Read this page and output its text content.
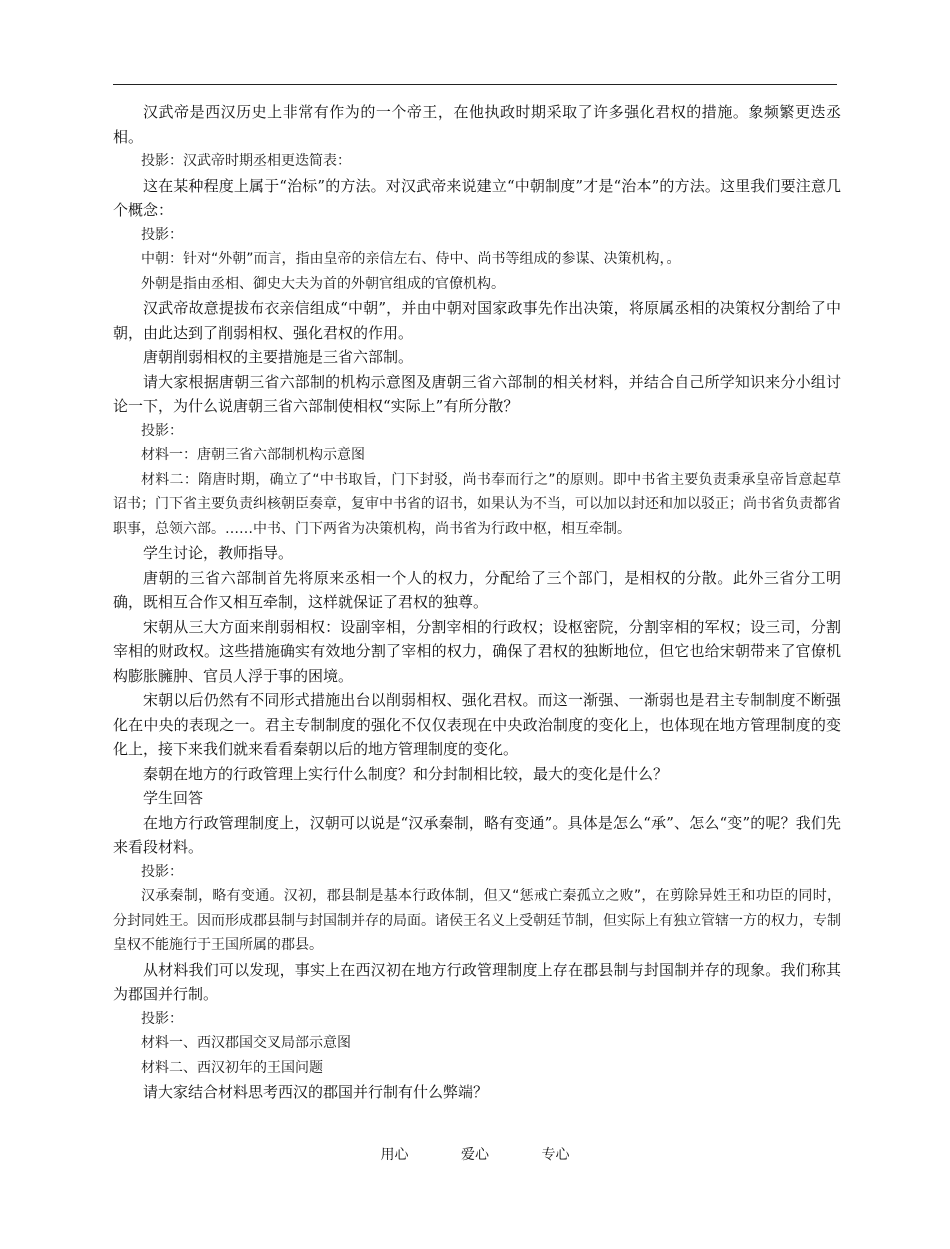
汉武帝是西汉历史上非常有作为的一个帝王，在他执政时期采取了许多强化君权的措施。象频繁更迭丞相。

投影：汉武帝时期丞相更迭简表：

这在某种程度上属于“治标”的方法。对汉武帝来说建立“中朝制度”才是“治本”的方法。这里我们要注意几个概念：

投影：

中朝：针对“外朝”而言，指由皇帝的亲信左右、侍中、尚书等组成的参谋、决策机构，。

外朝是指由丞相、御史大夫为首的外朝官组成的官僚机构。

汉武帝故意提拔布衣亲信组成“中朝”，并由中朝对国家政事先作出决策，将原属丞相的决策权分割给了中朝，由此达到了削弱相权、强化君权的作用。

唐朝削弱相权的主要措施是三省六部制。

请大家根据唐朝三省六部制的机构示意图及唐朝三省六部制的相关材料，并结合自己所学知识来分小组讨论一下，为什么说唐朝三省六部制使相权“实际上”有所分散？

投影：

材料一：唐朝三省六部制机构示意图

材料二：隋唐时期，确立了“中书取旨，门下封驳，尚书奉而行之”的原则。即中书省主要负责秉承皇帝旨意起草诏书；门下省主要负责纠核朝臣奏章，复审中书省的诏书，如果认为不当，可以加以封还和加以驳正；尚书省负责都省职事，总领六部。……中书、门下两省为决策机构，尚书省为行政中枢，相互牵制。

学生讨论，教师指导。

唐朝的三省六部制首先将原来丞相一个人的权力，分配给了三个部门，是相权的分散。此外三省分工明确，既相互合作又相互牵制，这样就保证了君权的独尊。

宋朝从三大方面来削弱相权：设副宰相，分割宰相的行政权；设枢密院，分割宰相的军权；设三司，分割宰相的财政权。这些措施确实有效地分割了宰相的权力，确保了君权的独断地位，但它也给宋朝带来了官僚机构膨胀臃肿、官员人浮于事的困境。

宋朝以后仍然有不同形式措施出台以削弱相权、强化君权。而这一渐强、一渐弱也是君主专制制度不断强化在中央的表现之一。君主专制制度的强化不仅仅表现在中央政治制度的变化上，也体现在地方管理制度的变化上，接下来我们就来看看秦朝以后的地方管理制度的变化。

秦朝在地方的行政管理上实行什么制度？和分封制相比较，最大的变化是什么？

学生回答

在地方行政管理制度上，汉朝可以说是“汉承秦制，略有变通”。具体是怎么“承”、怎么“变”的呢？我们先来看段材料。

投影：

汉承秦制，略有变通。汉初，郡县制是基本行政体制，但又“惩戒亡秦孤立之败”，在剪除异姓王和功臣的同时，分封同姓王。因而形成郡县制与封国制并存的局面。诸侯王名义上受朝廷节制，但实际上有独立管辖一方的权力，专制皇权不能施行于王国所属的郡县。

从材料我们可以发现，事实上在西汉初在地方行政管理制度上存在郡县制与封国制并存的现象。我们称其为郡国并行制。

投影：

材料一、西汉郡国交叉局部示意图

材料二、西汉初年的王国问题

请大家结合材料思考西汉的郡国并行制有什么弊端？

用心	爱心	专心
